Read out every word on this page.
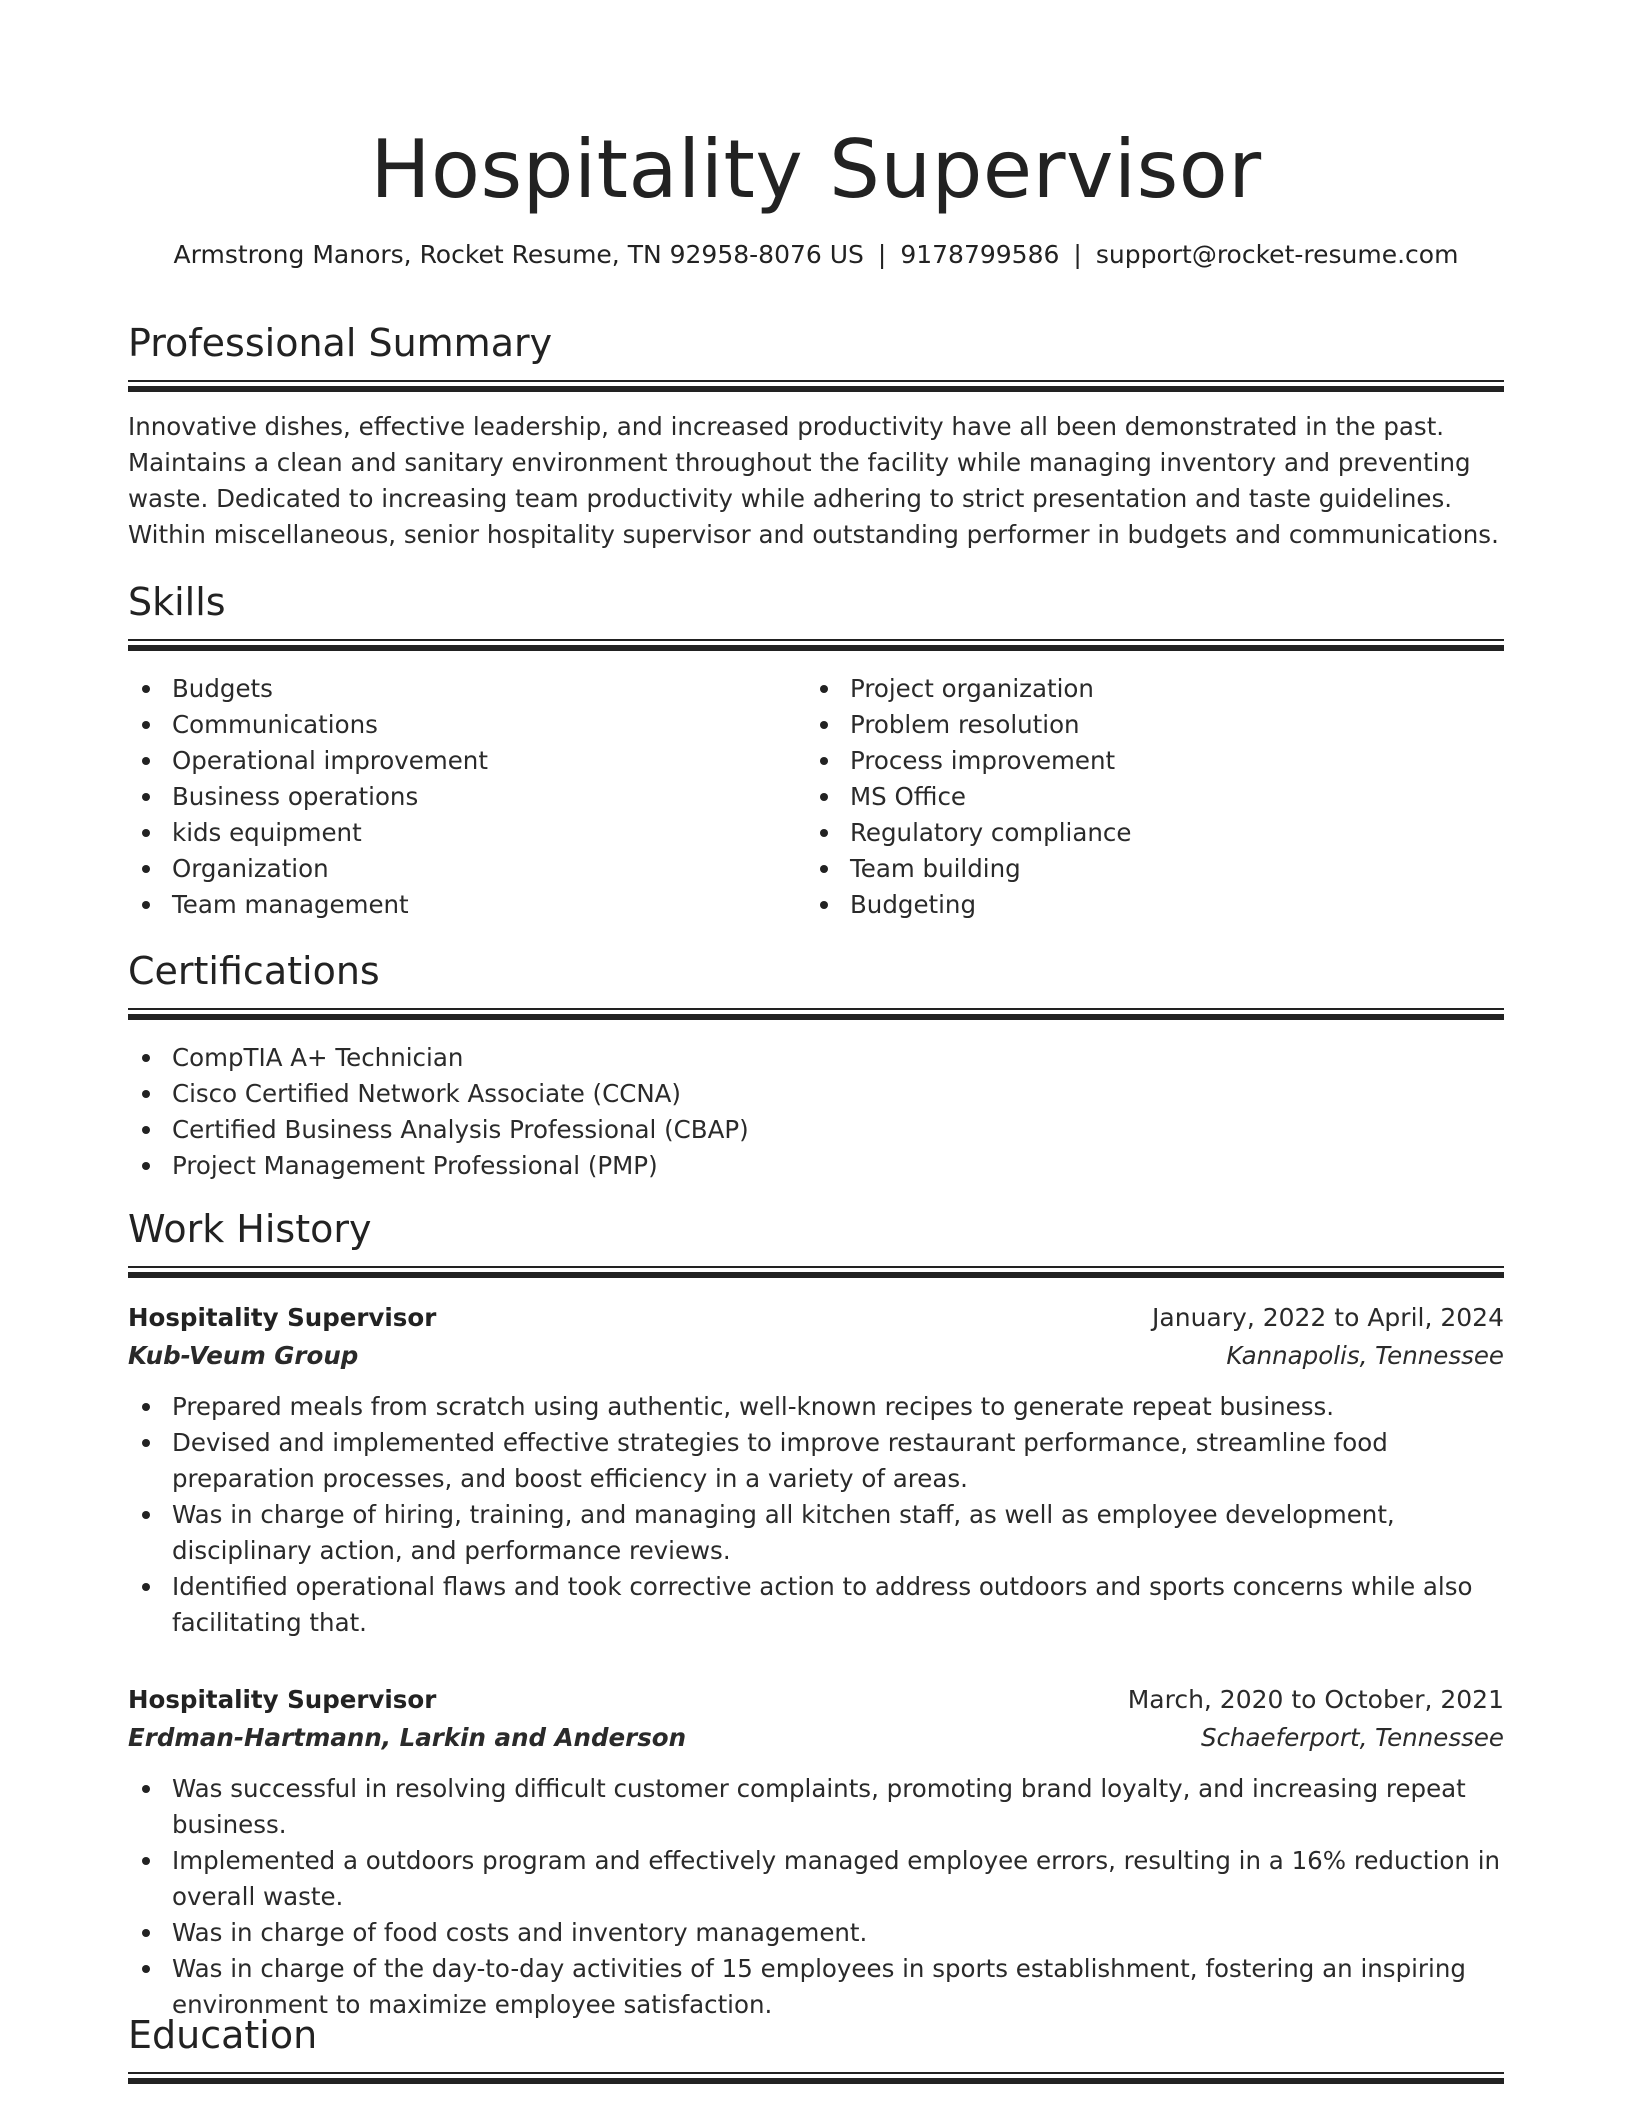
Hospitality Supervisor
Armstrong Manors, Rocket Resume, TN 92958-8076 US | 9178799586 | support@rocket-resume.com
Professional Summary

Innovative dishes, effective leadership, and increased productivity have all been demonstrated in the past. Maintains a clean and sanitary environment throughout the facility while managing inventory and preventing waste. Dedicated to increasing team productivity while adhering to strict presentation and taste guidelines. Within miscellaneous, senior hospitality supervisor and outstanding performer in budgets and communications.

Skills
Budgets
Communications
Operational improvement
Business operations
kids equipment
Organization
Team management
Project organization
Problem resolution
Process improvement
MS Office
Regulatory compliance
Team building
Budgeting
Certifications
CompTIA A+ Technician
Cisco Certified Network Associate (CCNA)
Certified Business Analysis Professional (CBAP)
Project Management Professional (PMP)
Work History
Hospitality Supervisor	January, 2022 to April, 2024
Kub-Veum Group	Kannapolis, Tennessee
Prepared meals from scratch using authentic, well-known recipes to generate repeat business.
Devised and implemented effective strategies to improve restaurant performance, streamline food preparation processes, and boost efficiency in a variety of areas.
Was in charge of hiring, training, and managing all kitchen staff, as well as employee development, disciplinary action, and performance reviews.
Identified operational flaws and took corrective action to address outdoors and sports concerns while also facilitating that.
Hospitality Supervisor	March, 2020 to October, 2021
Erdman-Hartmann, Larkin and Anderson	Schaeferport, Tennessee
Was successful in resolving difficult customer complaints, promoting brand loyalty, and increasing repeat business.
Implemented a outdoors program and effectively managed employee errors, resulting in a 16% reduction in overall waste.
Was in charge of food costs and inventory management.
Was in charge of the day-to-day activities of 15 employees in sports establishment, fostering an inspiring environment to maximize employee satisfaction.
Education
